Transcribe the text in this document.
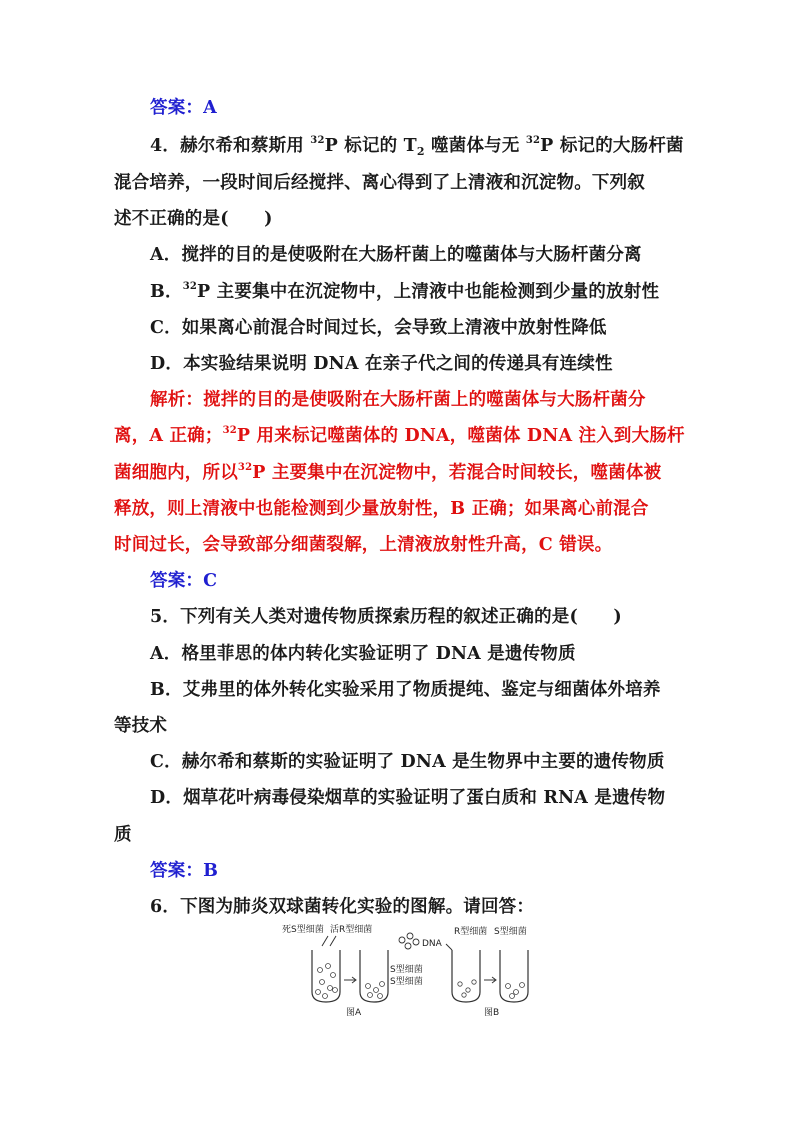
答案：A
4．赫尔希和蔡斯用 $^{32}$P 标记的 $T_2$ 噬菌体与无 $^{32}$P 标记的大肠杆菌
混合培养，一段时间后经搅拌、离心得到了上清液和沉淀物。下列叙
述不正确的是(　　)
A．搅拌的目的是使吸附在大肠杆菌上的噬菌体与大肠杆菌分离
B．$^{32}$P 主要集中在沉淀物中，上清液中也能检测到少量的放射性
C．如果离心前混合时间过长，会导致上清液中放射性降低
D．本实验结果说明 DNA 在亲子代之间的传递具有连续性
解析：搅拌的目的是使吸附在大肠杆菌上的噬菌体与大肠杆菌分
离，A 正确；$^{32}$P 用来标记噬菌体的 DNA，噬菌体 DNA 注入到大肠杆
菌细胞内，所以$^{32}$P 主要集中在沉淀物中，若混合时间较长，噬菌体被
释放，则上清液中也能检测到少量放射性，B 正确；如果离心前混合
时间过长，会导致部分细菌裂解，上清液放射性升高，C 错误。
答案：C
5．下列有关人类对遗传物质探索历程的叙述正确的是(　　)
A．格里菲思的体内转化实验证明了 DNA 是遗传物质
B．艾弗里的体外转化实验采用了物质提纯、鉴定与细菌体外培养
等技术
C．赫尔希和蔡斯的实验证明了 DNA 是生物界中主要的遗传物质
D．烟草花叶病毒侵染烟草的实验证明了蛋白质和 RNA 是遗传物
质
答案：B
6．下图为肺炎双球菌转化实验的图解。请回答：
死S型细菌 活R型细菌
S型细菌
S型细菌
图A
DNA
R型细菌 S型细菌
图B
